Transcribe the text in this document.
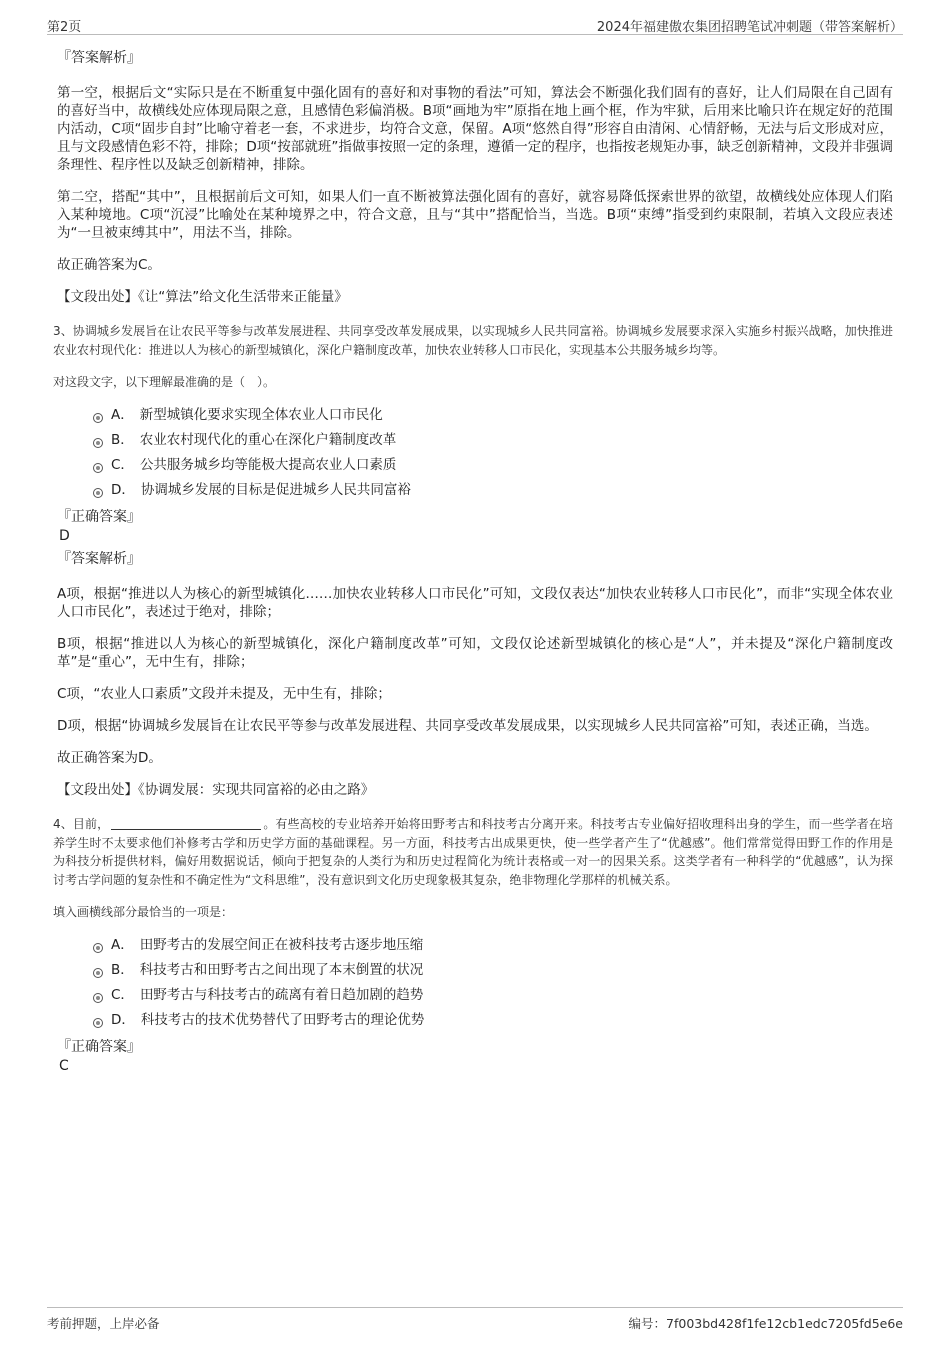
第2页	2024年福建傲农集团招聘笔试冲刺题（带答案解析）
『答案解析』

第一空，根据后文“实际只是在不断重复中强化固有的喜好和对事物的看法”可知，算法会不断强化我们固有的喜好，让人们局限在自己固有的喜好当中，故横线处应体现局限之意，且感情色彩偏消极。B项“画地为牢”原指在地上画个框，作为牢狱，后用来比喻只许在规定好的范围内活动，C项“固步自封”比喻守着老一套，不求进步，均符合文意，保留。A项“悠然自得”形容自由清闲、心情舒畅，无法与后文形成对应，且与文段感情色彩不符，排除；D项“按部就班”指做事按照一定的条理，遵循一定的程序，也指按老规矩办事，缺乏创新精神，文段并非强调条理性、程序性以及缺乏创新精神，排除。

第二空，搭配“其中”，且根据前后文可知，如果人们一直不断被算法强化固有的喜好，就容易降低探索世界的欲望，故横线处应体现人们陷入某种境地。C项“沉浸”比喻处在某种境界之中，符合文意，且与“其中”搭配恰当，当选。B项“束缚”指受到约束限制，若填入文段应表述为“一旦被束缚其中”，用法不当，排除。

故正确答案为C。

【文段出处】《让“算法”给文化生活带来正能量》

3、协调城乡发展旨在让农民平等参与改革发展进程、共同享受改革发展成果，以实现城乡人民共同富裕。协调城乡发展要求深入实施乡村振兴战略，加快推进农业农村现代化：推进以人为核心的新型城镇化，深化户籍制度改革，加快农业转移人口市民化，实现基本公共服务城乡均等。

对这段文字，以下理解最准确的是（　）。

A． 新型城镇化要求实现全体农业人口市民化
B． 农业农村现代化的重心在深化户籍制度改革
C． 公共服务城乡均等能极大提高农业人口素质
D． 协调城乡发展的目标是促进城乡人民共同富裕
『正确答案』
D
『答案解析』

A项，根据“推进以人为核心的新型城镇化……加快农业转移人口市民化”可知，文段仅表达“加快农业转移人口市民化”，而非“实现全体农业人口市民化”，表述过于绝对，排除；

B项，根据“推进以人为核心的新型城镇化，深化户籍制度改革”可知，文段仅论述新型城镇化的核心是“人”，并未提及“深化户籍制度改革”是“重心”，无中生有，排除；

C项，“农业人口素质”文段并未提及，无中生有，排除；

D项，根据“协调城乡发展旨在让农民平等参与改革发展进程、共同享受改革发展成果，以实现城乡人民共同富裕”可知，表述正确，当选。

故正确答案为D。

【文段出处】《协调发展：实现共同富裕的必由之路》

4、目前，	。有些高校的专业培养开始将田野考古和科技考古分离开来。科技考古专业偏好招收理科出身的学生，而一些学者在培养学生时不太要求他们补修考古学和历史学方面的基础课程。另一方面，科技考古出成果更快，使一些学者产生了“优越感”。他们常常觉得田野工作的作用是为科技分析提供材料，偏好用数据说话，倾向于把复杂的人类行为和历史过程简化为统计表格或一对一的因果关系。这类学者有一种科学的“优越感”，认为探讨考古学问题的复杂性和不确定性为“文科思维”，没有意识到文化历史现象极其复杂，绝非物理化学那样的机械关系。

填入画横线部分最恰当的一项是：

A． 田野考古的发展空间正在被科技考古逐步地压缩
B． 科技考古和田野考古之间出现了本末倒置的状况
C． 田野考古与科技考古的疏离有着日趋加剧的趋势
D． 科技考古的技术优势替代了田野考古的理论优势
『正确答案』
C
考前押题，上岸必备	编号：7f003bd428f1fe12cb1edc7205fd5e6e
